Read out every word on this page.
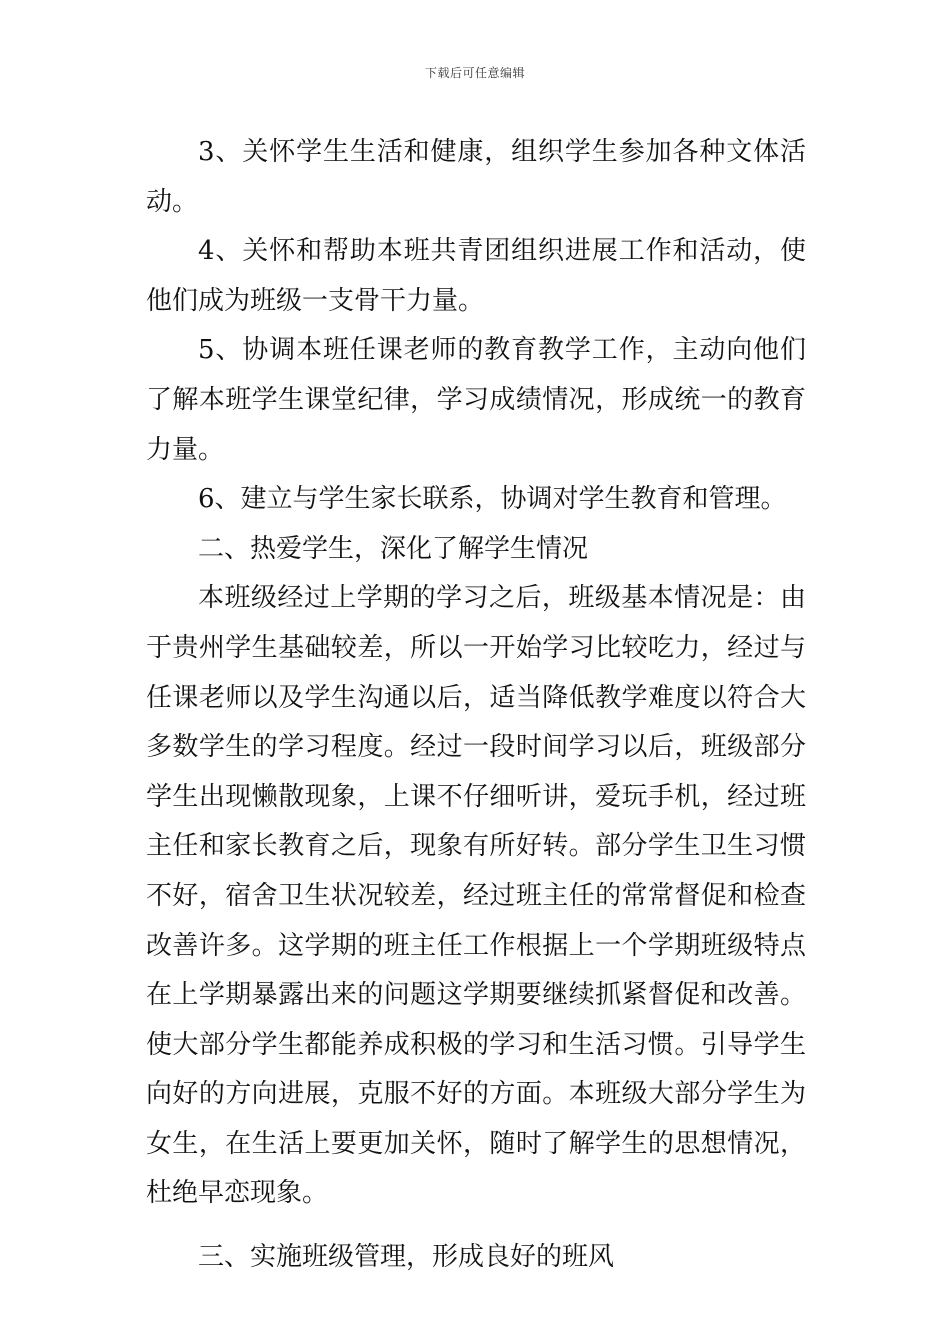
下载后可任意编辑

3、关怀学生生活和健康，组织学生参加各种文体活动。

4、关怀和帮助本班共青团组织进展工作和活动，使他们成为班级一支骨干力量。

5、协调本班任课老师的教育教学工作，主动向他们了解本班学生课堂纪律，学习成绩情况，形成统一的教育力量。

6、建立与学生家长联系，协调对学生教育和管理。

二、热爱学生，深化了解学生情况

本班级经过上学期的学习之后，班级基本情况是：由于贵州学生基础较差，所以一开始学习比较吃力，经过与任课老师以及学生沟通以后，适当降低教学难度以符合大多数学生的学习程度。经过一段时间学习以后，班级部分学生出现懒散现象，上课不仔细听讲，爱玩手机，经过班主任和家长教育之后，现象有所好转。部分学生卫生习惯不好，宿舍卫生状况较差，经过班主任的常常督促和检查改善许多。这学期的班主任工作根据上一个学期班级特点在上学期暴露出来的问题这学期要继续抓紧督促和改善。使大部分学生都能养成积极的学习和生活习惯。引导学生向好的方向进展，克服不好的方面。本班级大部分学生为女生，在生活上要更加关怀，随时了解学生的思想情况，杜绝早恋现象。

三、实施班级管理，形成良好的班风
